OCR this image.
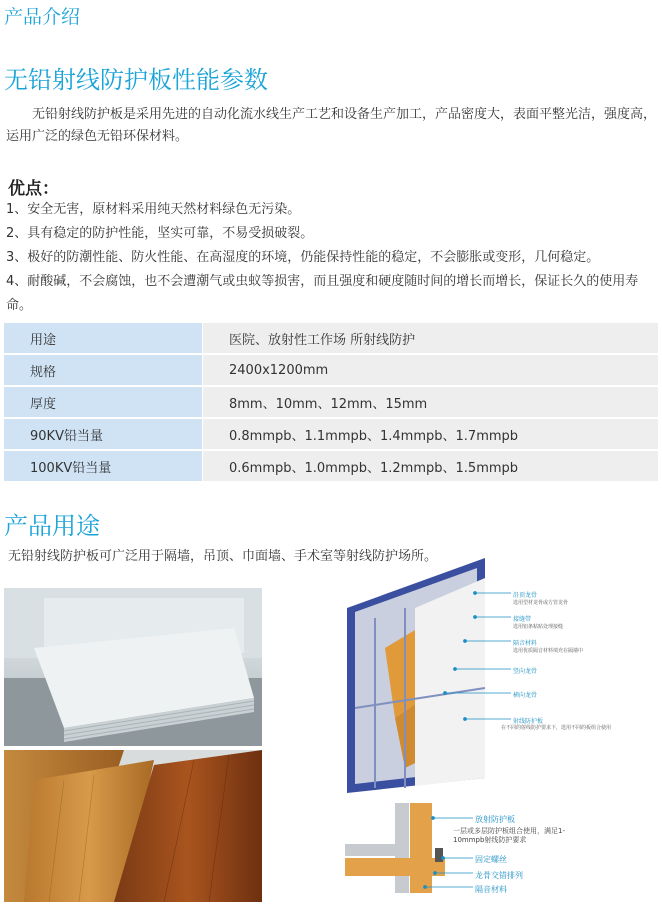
产品介绍
无铅射线防护板性能参数
无铅射线防护板是采用先进的自动化流水线生产工艺和设备生产加工，产品密度大，表面平整光洁，强度高，运用广泛的绿色无铅环保材料。
优点：
1、安全无害，原材料采用纯天然材料绿色无污染。
2、具有稳定的防护性能，坚实可靠，不易受损破裂。
3、极好的防潮性能、防火性能、在高湿度的环境，仍能保持性能的稳定，不会膨胀或变形，几何稳定。
4、耐酸碱，不会腐蚀，也不会遭潮气或虫蚁等损害，而且强度和硬度随时间的增长而增长，保证长久的使用寿命。
用途	医院、放射性工作场 所射线防护
规格	2400x1200mm
厚度	8mm、10mm、12mm、15mm
90KV铅当量	0.8mmpb、1.1mmpb、1.4mmpb、1.7mmpb
100KV铅当量	0.6mmpb、1.0mmpb、1.2mmpb、1.5mmpb
产品用途
无铅射线防护板可广泛用于隔墙，吊顶、巾面墙、手术室等射线防护场所。
沿顶龙骨
选用型材龙骨或方管龙骨
接缝带
选用铝条粘贴处理接缝
隔音材料
选用优质隔音材料填充在隔墙中
竖向龙骨
横向龙骨
射线防护板
在不同的射线防护要求下，选用不同的板组合使用
放射防护板
一层或多层防护板组合使用，满足1-10mmpb射线防护要求
固定螺丝
龙骨交错排列
隔音材料
